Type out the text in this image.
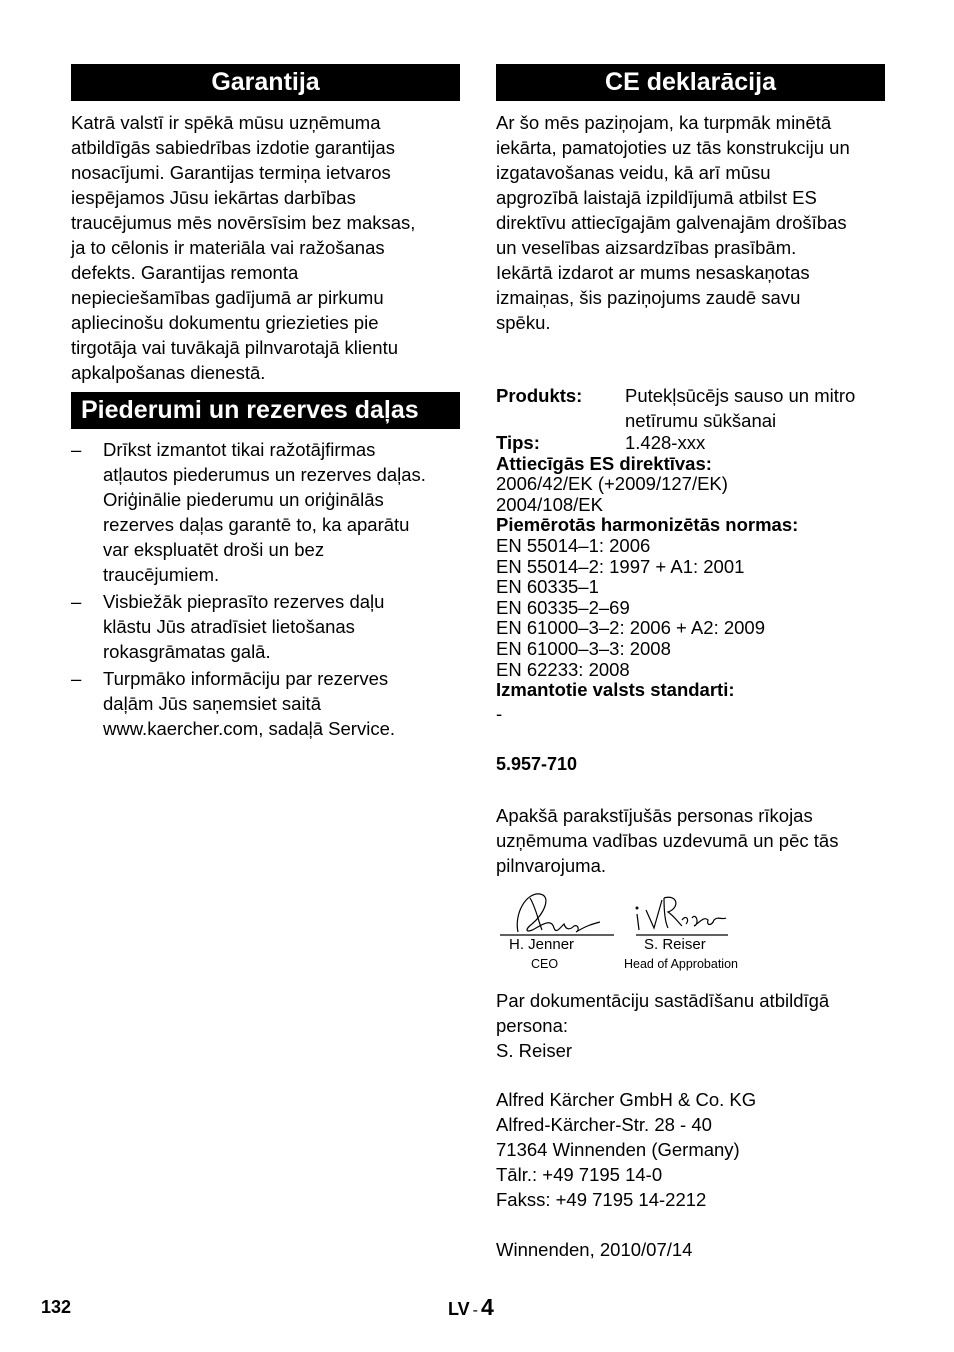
Garantija
Katrā valstī ir spēkā mūsu uzņēmuma
atbildīgās sabiedrības izdotie garantijas
nosacījumi. Garantijas termiņa ietvaros
iespējamos Jūsu iekārtas darbības
traucējumus mēs novērsīsim bez maksas,
ja to cēlonis ir materiāla vai ražošanas
defekts. Garantijas remonta
nepieciešamības gadījumā ar pirkumu
apliecinošu dokumentu griezieties pie
tirgotāja vai tuvākajā pilnvarotajā klientu
apkalpošanas dienestā.
Piederumi un rezerves daļas
– Drīkst izmantot tikai ražotājfirmas
atļautos piederumus un rezerves daļas.
Oriģinālie piederumu un oriģinālās
rezerves daļas garantē to, ka aparātu
var ekspluatēt droši un bez
traucējumiem.
– Visbiežāk pieprasīto rezerves daļu
klāstu Jūs atradīsiet lietošanas
rokasgrāmatas galā.
– Turpmāko informāciju par rezerves
daļām Jūs saņemsiet saitā
www.kaercher.com, sadaļā Service.
CE deklarācija
Ar šo mēs paziņojam, ka turpmāk minētā
iekārta, pamatojoties uz tās konstrukciju un
izgatavošanas veidu, kā arī mūsu
apgrozībā laistajā izpildījumā atbilst ES
direktīvu attiecīgajām galvenajām drošības
un veselības aizsardzības prasībām.
Iekārtā izdarot ar mums nesaskaņotas
izmaiņas, šis paziņojums zaudē savu
spēku.
Produkts: Putekļsūcējs sauso un mitro
netīrumu sūkšanai
Tips:	1.428-xxx
Attiecīgās ES direktīvas:
2006/42/EK (+2009/127/EK)
2004/108/EK
Piemērotās harmonizētās normas:
EN 55014–1: 2006
EN 55014–2: 1997 + A1: 2001
EN 60335–1
EN 60335–2–69
EN 61000–3–2: 2006 + A2: 2009
EN 61000–3–3: 2008
EN 62233: 2008
Izmantotie valsts standarti:
-
5.957-710
Apakšā parakstījušās personas rīkojas
uzņēmuma vadības uzdevumā un pēc tās
pilnvarojuma.
H. Jenner
CEO
S. Reiser
Head of Approbation
Par dokumentāciju sastādīšanu atbildīgā
persona:
S. Reiser
Alfred Kärcher GmbH & Co. KG
Alfred-Kärcher-Str. 28 - 40
71364 Winnenden (Germany)
Tālr.: +49 7195 14-0
Fakss: +49 7195 14-2212
Winnenden, 2010/07/14
132	LV - 4
